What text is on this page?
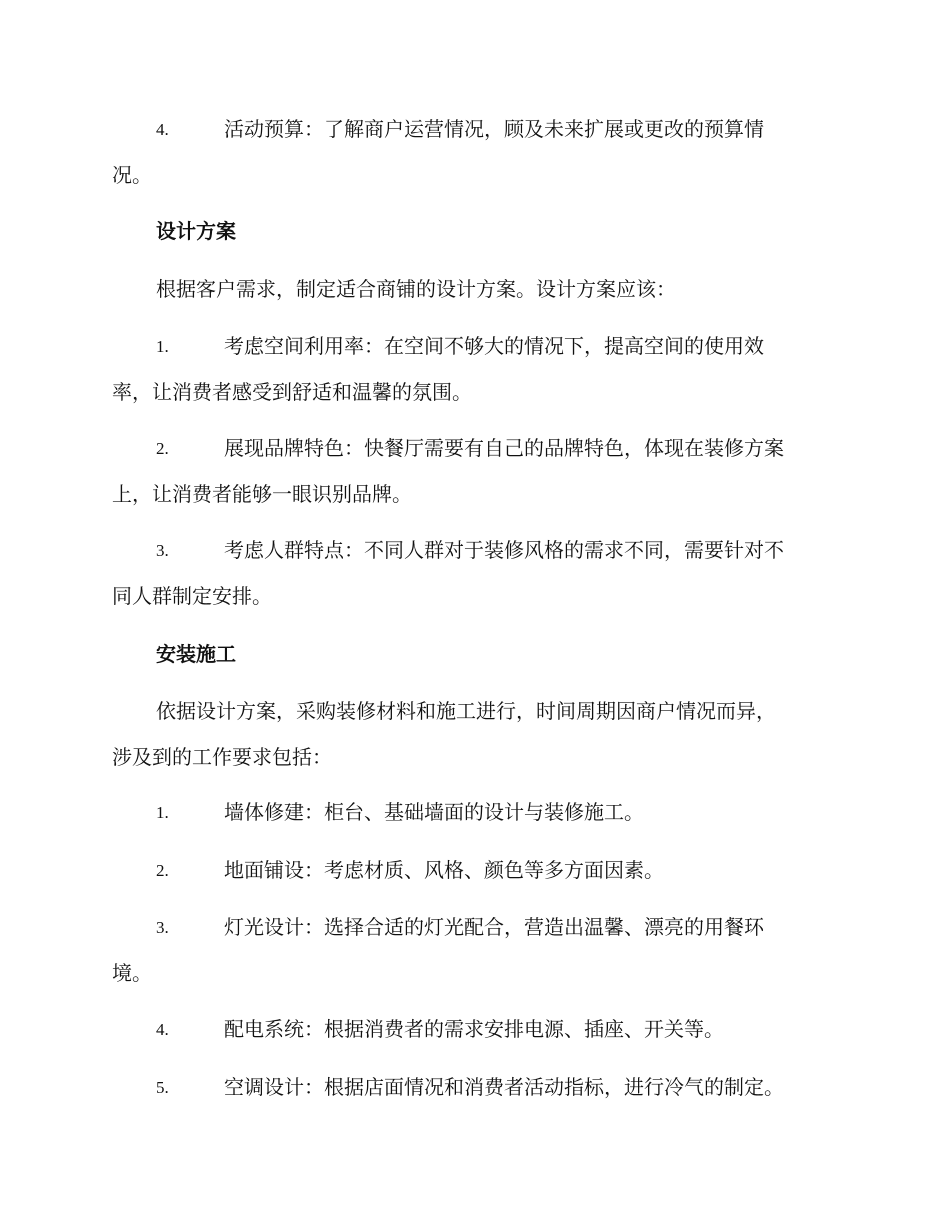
4.	活动预算：了解商户运营情况，顾及未来扩展或更改的预算情
况。
设计方案
根据客户需求，制定适合商铺的设计方案。设计方案应该：
1.	考虑空间利用率：在空间不够大的情况下，提高空间的使用效
率，让消费者感受到舒适和温馨的氛围。
2.	展现品牌特色：快餐厅需要有自己的品牌特色，体现在装修方案
上，让消费者能够一眼识别品牌。
3.	考虑人群特点：不同人群对于装修风格的需求不同，需要针对不
同人群制定安排。
安装施工
依据设计方案，采购装修材料和施工进行，时间周期因商户情况而异，
涉及到的工作要求包括：
1.	墙体修建：柜台、基础墙面的设计与装修施工。
2.	地面铺设：考虑材质、风格、颜色等多方面因素。
3.	灯光设计：选择合适的灯光配合，营造出温馨、漂亮的用餐环
境。
4.	配电系统：根据消费者的需求安排电源、插座、开关等。
5.	空调设计：根据店面情况和消费者活动指标，进行冷气的制定。
